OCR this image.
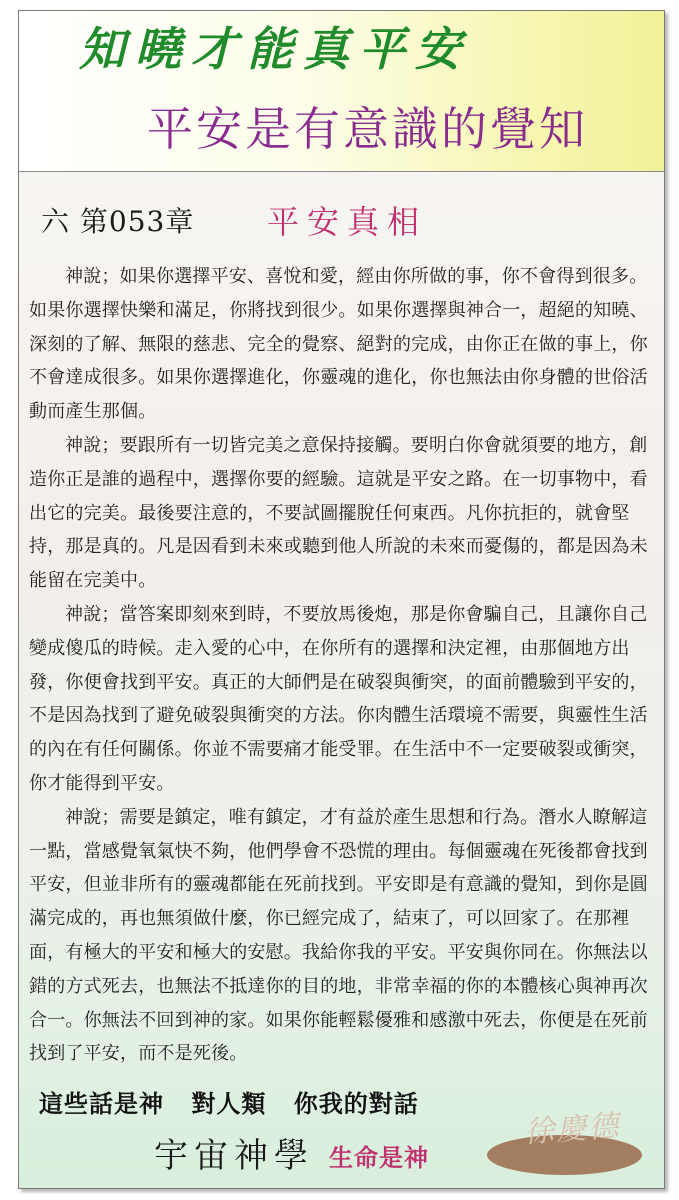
知曉才能真平安
平安是有意識的覺知
六 第053章 平安真相

神說；如果你選擇平安、喜悅和愛，經由你所做的事，你不會得到很多。如果你選擇快樂和滿足，你將找到很少。如果你選擇與神合一，超絕的知曉、深刻的了解、無限的慈悲、完全的覺察、絕對的完成，由你正在做的事上，你不會達成很多。如果你選擇進化，你靈魂的進化，你也無法由你身體的世俗活動而產生那個。

神說；要跟所有一切皆完美之意保持接觸。要明白你會就須要的地方，創造你正是誰的過程中，選擇你要的經驗。這就是平安之路。在一切事物中，看出它的完美。最後要注意的，不要試圖擺脫任何東西。凡你抗拒的，就會堅持，那是真的。凡是因看到未來或聽到他人所說的未來而憂傷的，都是因為未能留在完美中。

神說；當答案即刻來到時，不要放馬後炮，那是你會騙自己，且讓你自己變成傻瓜的時候。走入愛的心中，在你所有的選擇和決定裡，由那個地方出發，你便會找到平安。真正的大師們是在破裂與衝突，的面前體驗到平安的，不是因為找到了避免破裂與衝突的方法。你肉體生活環境不需要，與靈性生活的內在有任何關係。你並不需要痛才能受罪。在生活中不一定要破裂或衝突，你才能得到平安。

神說；需要是鎮定，唯有鎮定，才有益於產生思想和行為。潛水人瞭解這一點，當感覺氧氣快不夠，他們學會不恐慌的理由。每個靈魂在死後都會找到平安，但並非所有的靈魂都能在死前找到。平安即是有意識的覺知，到你是圓滿完成的，再也無須做什麼，你已經完成了，結束了，可以回家了。在那裡面，有極大的平安和極大的安慰。我給你我的平安。平安與你同在。你無法以錯的方式死去，也無法不抵達你的目的地，非常幸福的你的本體核心與神再次合一。你無法不回到神的家。如果你能輕鬆優雅和感激中死去，你便是在死前找到了平安，而不是死後。

這些話是神 對人類 你我的對話
宇宙神學 生命是神
徐慶德
